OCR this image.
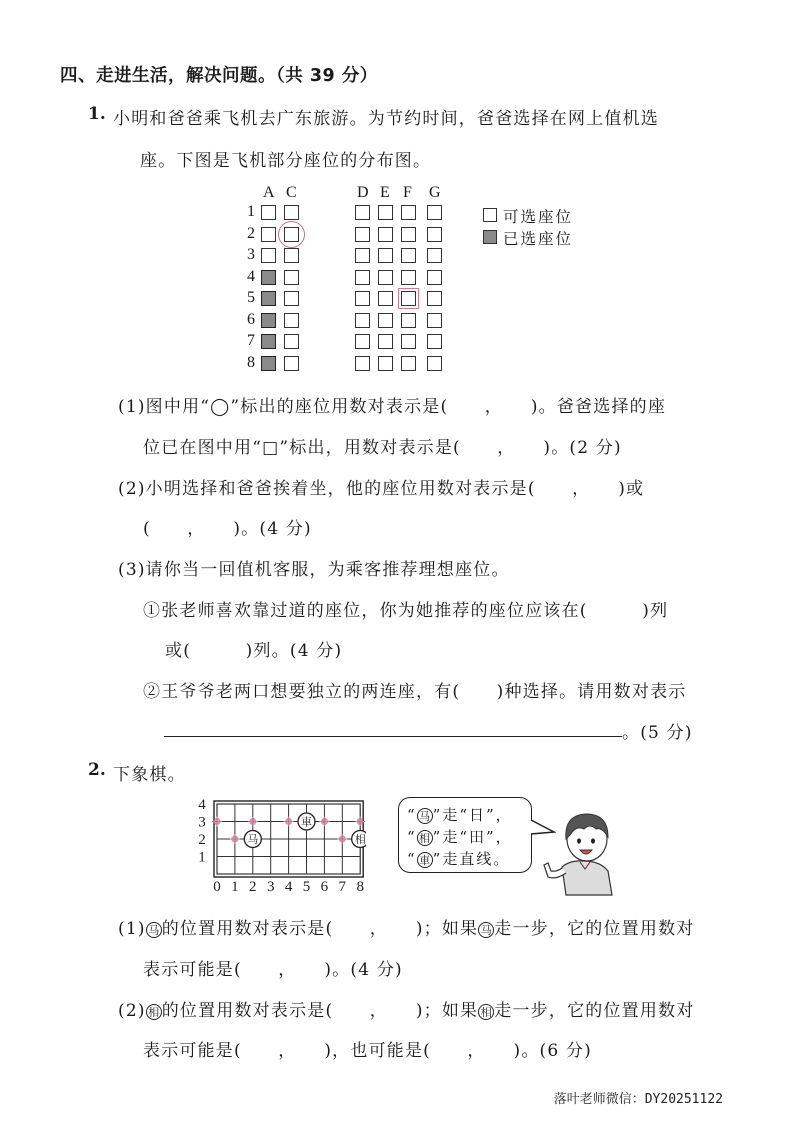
四、走进生活，解决问题。（共 39 分）
1. 小明和爸爸乘飞机去广东旅游。为节约时间，爸爸选择在网上值机选
座。下图是飞机部分座位的分布图。
A C	D E F G
1
2
3
4
5
6
7
8
可选座位
已选座位
(1)图中用“◯”标出的座位用数对表示是(　　，　　)。爸爸选择的座
位已在图中用“□”标出，用数对表示是(　　，　　)。(2 分)
(2)小明选择和爸爸挨着坐，他的座位用数对表示是(　　，　　)或
(　　，　　)。(4 分)
(3)请你当一回值机客服，为乘客推荐理想座位。
①张老师喜欢靠过道的座位，你为她推荐的座位应该在(　　　)列
或(　　　)列。(4 分)
②王爷爷老两口想要独立的两连座，有(　　)种选择。请用数对表示
。(5 分)
2. 下象棋。
0 1 2 3 4 5 6 7 8
1
2
3
4
马
車
相
“ 马 ”走“日”，
“ 相 ”走“田”，
“ 車 ”走直线。
(1) 马 的位置用数对表示是(　　，　　)；如果 马 走一步，它的位置用数对
表示可能是(　　，　　)。(4 分)
(2) 相 的位置用数对表示是(　　，　　)；如果 相 走一步，它的位置用数对
表示可能是(　　，　　)，也可能是(　　，　　)。(6 分)
落叶老师微信：DY20251122
